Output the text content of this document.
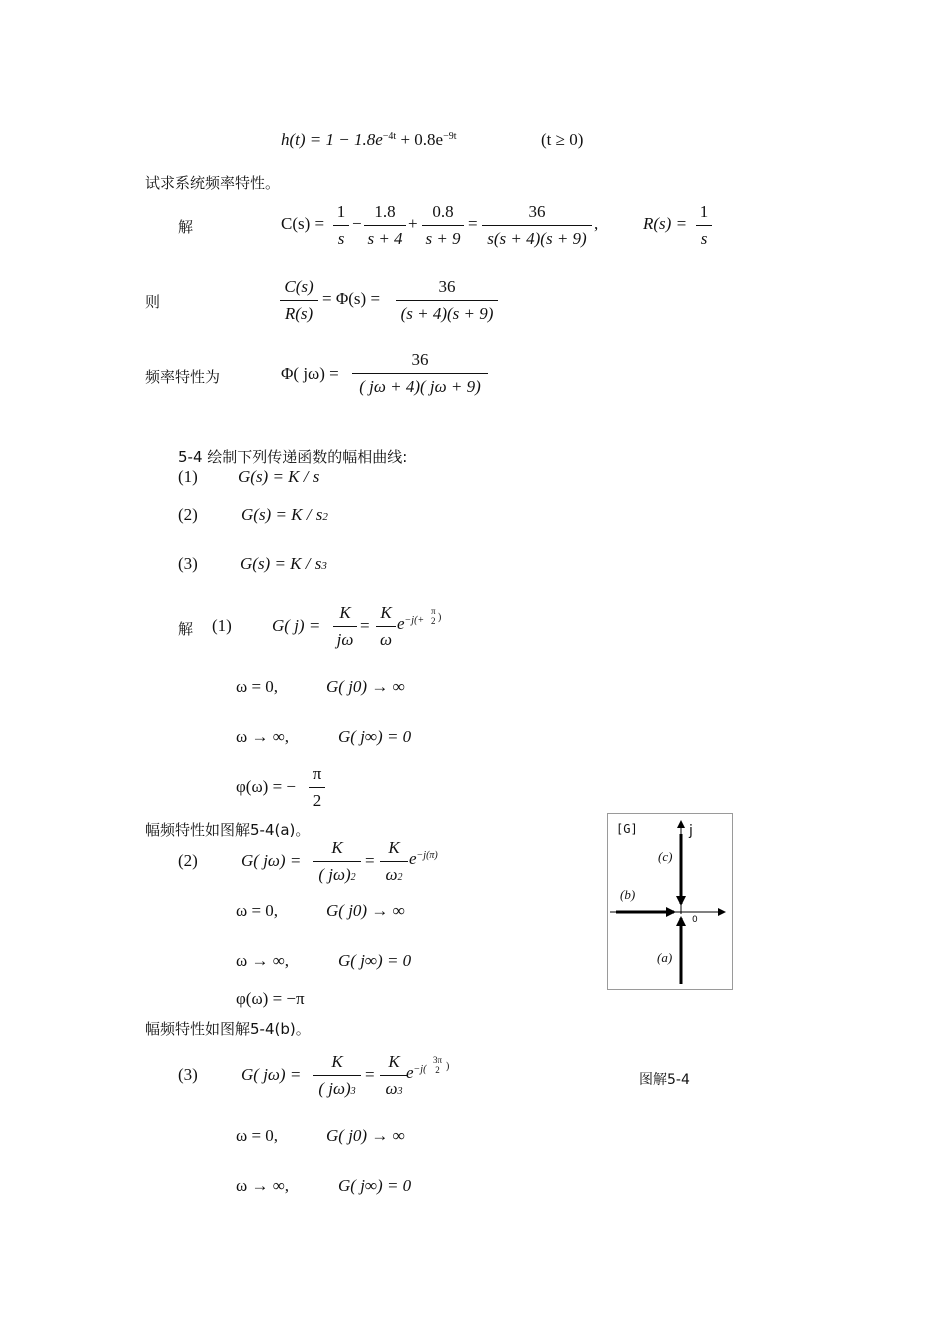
$h(t) = 1 - 1.8e^{-4t} + 0.8e^{-9t}$	(t ≥ 0)
试求系统频率特性。
解	$C(s) = \frac{1}{s} - \frac{1.8}{s + 4} + \frac{0.8}{s + 9} = \frac{36}{s(s + 4)(s + 9)}$ ,	$R(s) = \frac{1}{s}$
则	$\frac{C(s)}{R(s)} = \Phi(s) = \frac{36}{(s + 4)(s + 9)}$
频率特性为	Φ( $j\omega) = \frac{36}{( j\omega + 4)( j\omega + 9)}$
5-4 绘制下列传递函数的幅相曲线:
(1) G(s) = K / s
(2)	G(s) = K / s2
(3) G(s) = K / s3
解 (1) G( $j) = \frac{K}{j\omega} = \frac{K}{\omega} e^{-j(+}$
π
2 )
ω = 0,	G( j0) → ∞
ω → ∞,	G( j∞) = 0
φ(ω) = − $\frac{\pi}{2}$
幅频特性如图解5-4(a)。
(2)	G( $j\omega) = \frac{K}{( j\omega)2} = \frac{K}{\omega 2} e^{-j(\pi)}$
ω = 0,	G( j0) → ∞
ω → ∞,	G( j∞) = 0
φ(ω) = −π
幅频特性如图解5-4(b)。
(3)	G( $j\omega) = \frac{K}{( j\omega)3} = \frac{K}{\omega 3}$
$e^{-j(}$
3π
2 )
ω = 0,	G( j0) → ∞
ω → ∞,	G( j∞) = 0
[G]	j
0
(c)
(b)
(a)
图解5-4
